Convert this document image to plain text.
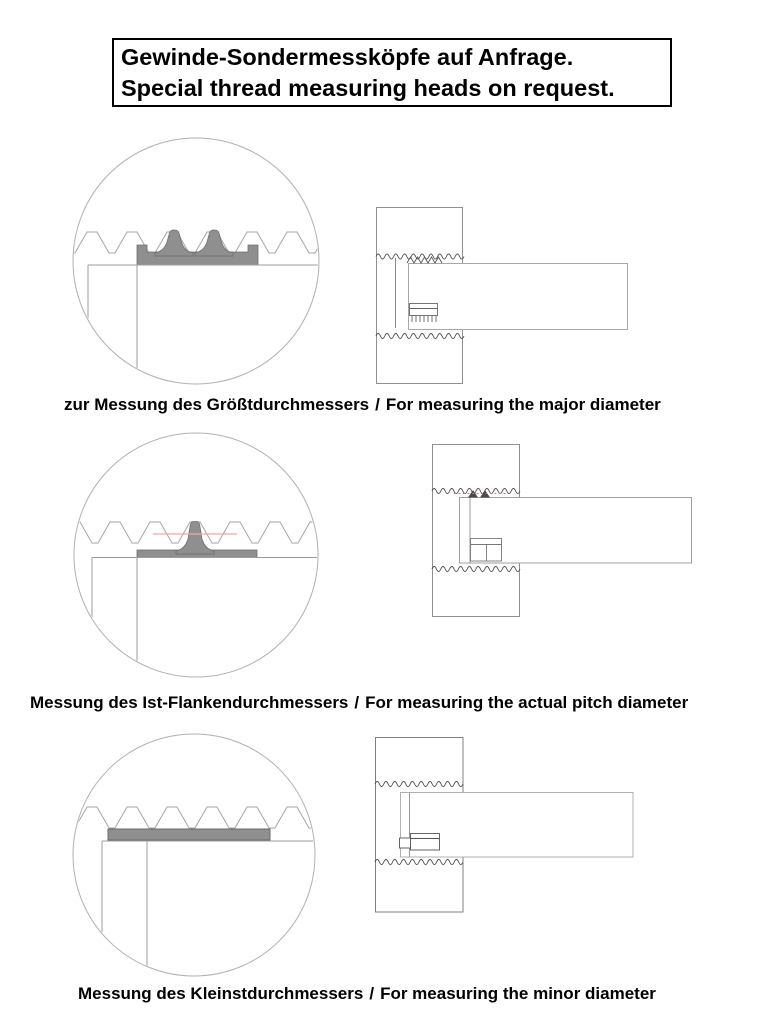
Gewinde-Sondermessköpfe auf Anfrage.
Special thread measuring heads on request.
zur Messung des Größtdurchmessers / For measuring the major diameter
Messung des Ist-Flankendurchmessers / For measuring the actual pitch diameter
Messung des Kleinstdurchmessers / For measuring the minor diameter
